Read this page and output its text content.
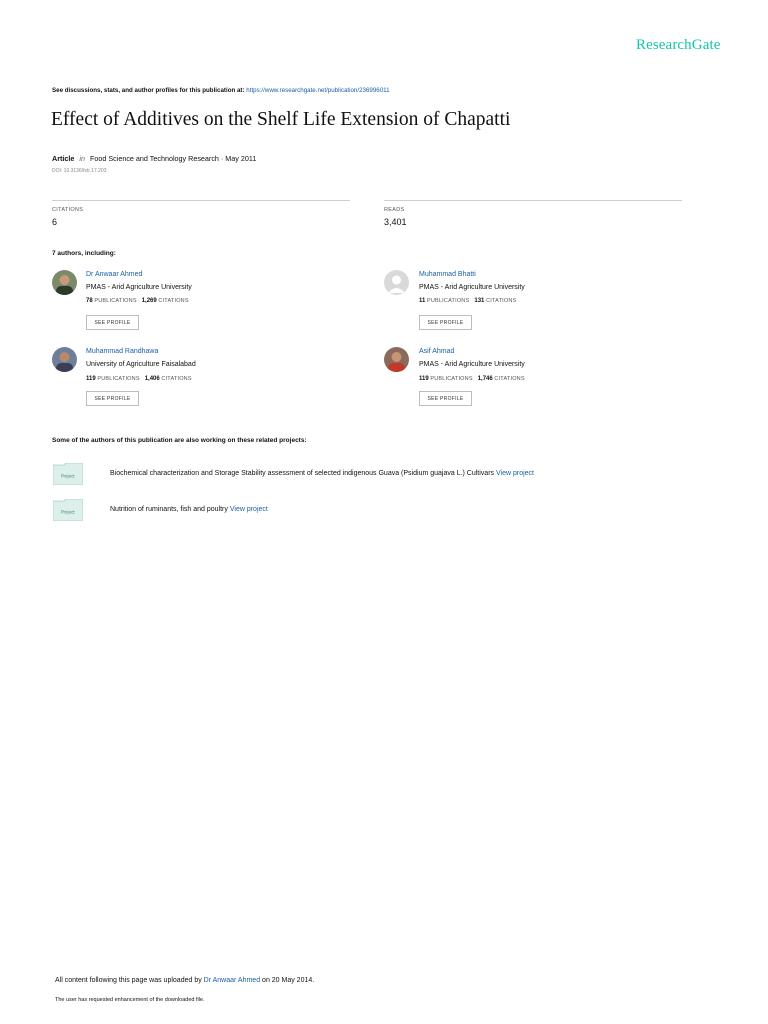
ResearchGate
See discussions, stats, and author profiles for this publication at: https://www.researchgate.net/publication/236996011
Effect of Additives on the Shelf Life Extension of Chapatti
Article in Food Science and Technology Research · May 2011
DOI: 10.3136/fstr.17.203
CITATIONS
6
READS
3,401
7 authors, including:
Dr Anwaar Ahmed
PMAS - Arid Agriculture University
78 PUBLICATIONS 1,269 CITATIONS
SEE PROFILE
Muhammad Bhatti
PMAS - Arid Agriculture University
11 PUBLICATIONS 131 CITATIONS
SEE PROFILE
Muhammad Randhawa
University of Agriculture Faisalabad
119 PUBLICATIONS 1,406 CITATIONS
SEE PROFILE
Asif Ahmad
PMAS - Arid Agriculture University
119 PUBLICATIONS 1,746 CITATIONS
SEE PROFILE
Some of the authors of this publication are also working on these related projects:
Project	Biochemical characterization and Storage Stability assessment of selected indigenous Guava (Psidium guajava L.) Cultivars View project
Project	Nutrition of ruminants, fish and poultry View project
All content following this page was uploaded by Dr Anwaar Ahmed on 20 May 2014.
The user has requested enhancement of the downloaded file.
